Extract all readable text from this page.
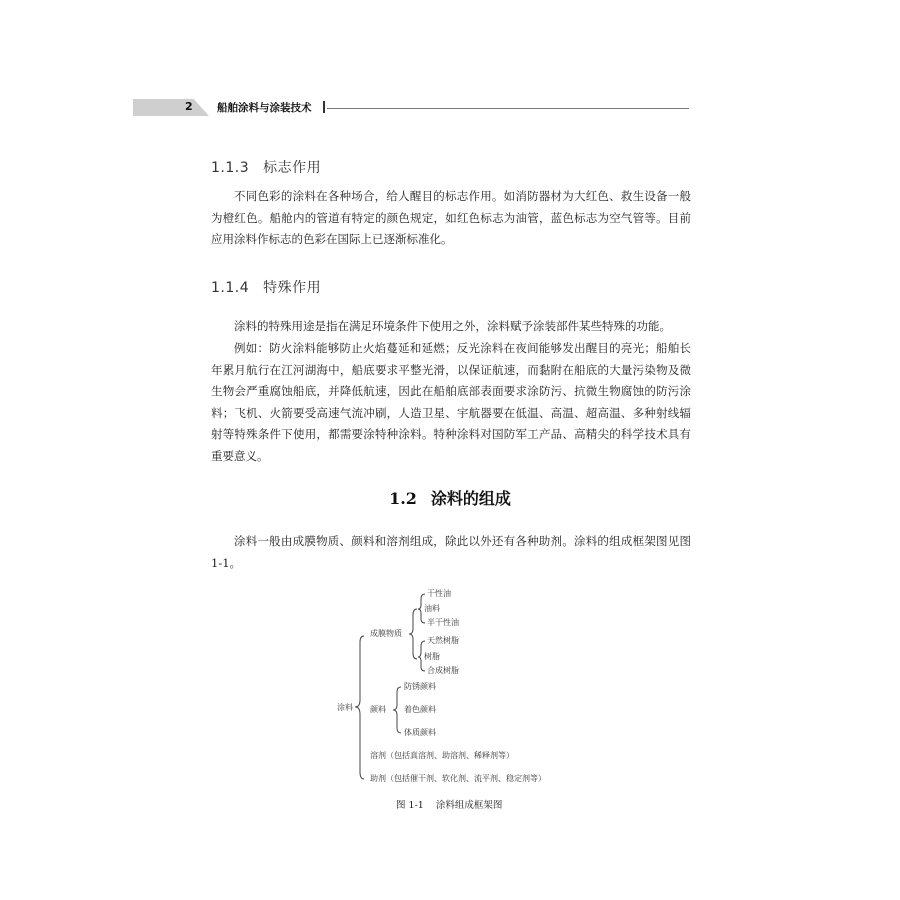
2 船舶涂料与涂装技术
1.1.3 标志作用

不同色彩的涂料在各种场合，给人醒目的标志作用。如消防器材为大红色、救生设备一般为橙红色。船舱内的管道有特定的颜色规定，如红色标志为油管，蓝色标志为空气管等。目前应用涂料作标志的色彩在国际上已逐渐标准化。

1.1.4 特殊作用

涂料的特殊用途是指在满足环境条件下使用之外，涂料赋予涂装部件某些特殊的功能。

例如：防火涂料能够防止火焰蔓延和延燃；反光涂料在夜间能够发出醒目的亮光；船舶长年累月航行在江河湖海中，船底要求平整光滑，以保证航速，而黏附在船底的大量污染物及微生物会严重腐蚀船底，并降低航速，因此在船舶底部表面要求涂防污、抗微生物腐蚀的防污涂料；飞机、火箭要受高速气流冲刷，人造卫星、宇航器要在低温、高温、超高温、多种射线辐射等特殊条件下使用，都需要涂特种涂料。特种涂料对国防军工产品、高精尖的科学技术具有重要意义。

1.2 涂料的组成

涂料一般由成膜物质、颜料和溶剂组成，除此以外还有各种助剂。涂料的组成框架图见图 1-1。

涂料
成膜物质
油料
干性油
半干性油
树脂
天然树脂
合成树脂
颜料
防锈颜料
着色颜料
体质颜料
溶剂（包括真溶剂、助溶剂、稀释剂等）
助剂（包括催干剂、软化剂、流平剂、稳定剂等）
图 1-1 涂料组成框架图
